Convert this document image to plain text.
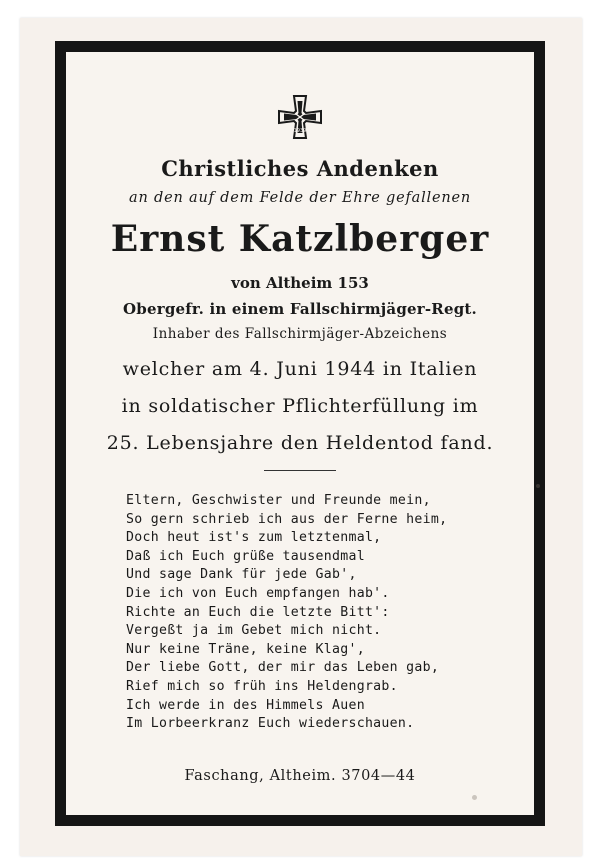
1939
Christliches Andenken
an den auf dem Felde der Ehre gefallenen
Ernst Katzlberger
von Altheim 153
Obergefr. in einem Fallschirmjäger-Regt.
Inhaber des Fallschirmjäger-Abzeichens
welcher am 4. Juni 1944 in Italien
in soldatischer Pflichterfüllung im
25. Lebensjahre den Heldentod fand.
Eltern, Geschwister und Freunde mein,
So gern schrieb ich aus der Ferne heim,
Doch heut ist's zum letztenmal,
Daß ich Euch grüße tausendmal
Und sage Dank für jede Gab',
Die ich von Euch empfangen hab'.
Richte an Euch die letzte Bitt':
Vergeßt ja im Gebet mich nicht.
Nur keine Träne, keine Klag',
Der liebe Gott, der mir das Leben gab,
Rief mich so früh ins Heldengrab.
Ich werde in des Himmels Auen
Im Lorbeerkranz Euch wiederschauen.
Faschang, Altheim. 3704—44
